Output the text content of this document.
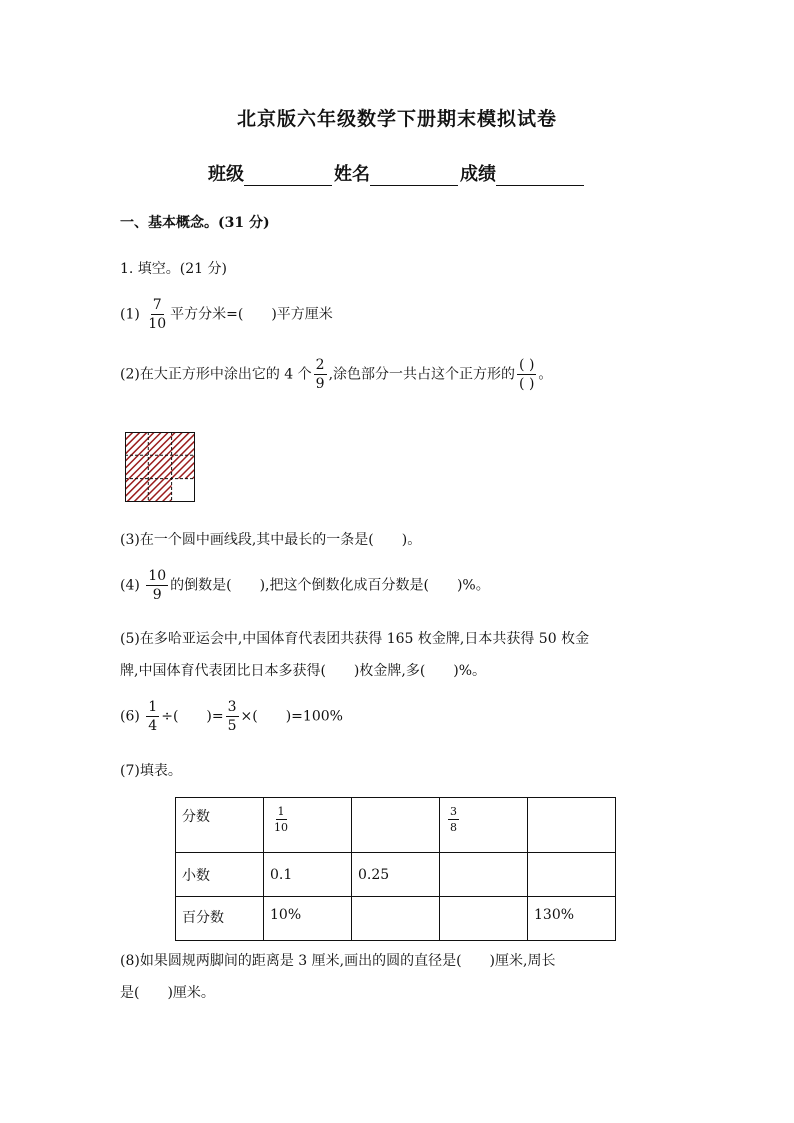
北京版六年级数学下册期末模拟试卷
班级	姓名	成绩
一、基本概念。(31 分)
1. 填空。(21 分)
$(1) \frac{7}{10}$ 平方分米=(　　)平方厘米
(2)在大正方形中涂出它的 4 个 $\frac{2}{9}$ ,涂色部分一共占这个正方形的 $\frac{( )}{( )}$ 。
(3)在一个圆中画线段,其中最长的一条是(　　)。
$(4) \frac{10}{9}$ 的倒数是(　　),把这个倒数化成百分数是(　　)%。
(5)在多哈亚运会中,中国体育代表团共获得 165 枚金牌,日本共获得 50 枚金
牌,中国体育代表团比日本多获得(　　)枚金牌,多(　　)%。
$(6) \frac{1}{4}$ ÷(　　)= $\frac{3}{5}$ ×(　　)=100%
(7)填表。
分数	$\frac{1}{10}$		$\frac{3}{8}$

小数	0.1	0.25		
百分数	10%			130%
(8)如果圆规两脚间的距离是 3 厘米,画出的圆的直径是(　　)厘米,周长
是(　　)厘米。
